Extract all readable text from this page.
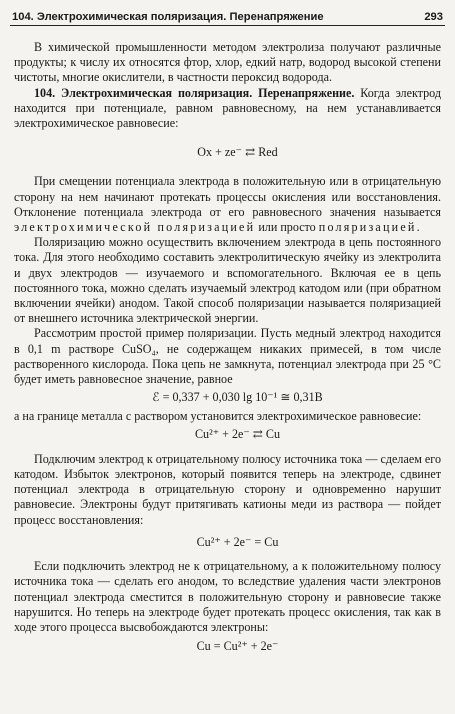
104. Электрохимическая поляризация. Перенапряжение	293

В химической промышленности методом электролиза получают различные продукты; к числу их относятся фтор, хлор, едкий натр, водород высокой степени чистоты, многие окислители, в частности пероксид водорода.

104. Электрохимическая поляризация. Перенапряжение. Когда электрод находится при потенциале, равном равновесному, на нем устанавливается электрохимическое равновесие:

Ox + ze⁻ ⇄ Red

При смещении потенциала электрода в положительную или в отрицательную сторону на нем начинают протекать процессы окисления или восстановления. Отклонение потенциала электрода от его равновесного значения называется электрохимической поляризацией или просто поляризацией.

Поляризацию можно осуществить включением электрода в цепь постоянного тока. Для этого необходимо составить электролитическую ячейку из электролита и двух электродов — изучаемого и вспомогательного. Включая ее в цепь постоянного тока, можно сделать изучаемый электрод катодом или (при обратном включении ячейки) анодом. Такой способ поляризации называется поляризацией от внешнего источника электрической энергии.

Рассмотрим простой пример поляризации. Пусть медный электрод находится в 0,1 m растворе CuSO₄, не содержащем никаких примесей, в том числе растворенного кислорода. Пока цепь не замкнута, потенциал электрода при 25 °C будет иметь равновесное значение, равное

ℰ = 0,337 + 0,030 lg 10⁻¹ ≅ 0,31В

а на границе металла с раствором установится электрохимическое равновесие:

Cu²⁺ + 2e⁻ ⇄ Cu

Подключим электрод к отрицательному полюсу источника тока — сделаем его катодом. Избыток электронов, который появится теперь на электроде, сдвинет потенциал электрода в отрицательную сторону и одновременно нарушит равновесие. Электроны будут притягивать катионы меди из раствора — пойдет процесс восстановления:

Cu²⁺ + 2e⁻ = Cu

Если подключить электрод не к отрицательному, а к положительному полюсу источника тока — сделать его анодом, то вследствие удаления части электронов потенциал электрода сместится в положительную сторону и равновесие также нарушится. Но теперь на электроде будет протекать процесс окисления, так как в ходе этого процесса высвобождаются электроны:

Cu = Cu²⁺ + 2e⁻
